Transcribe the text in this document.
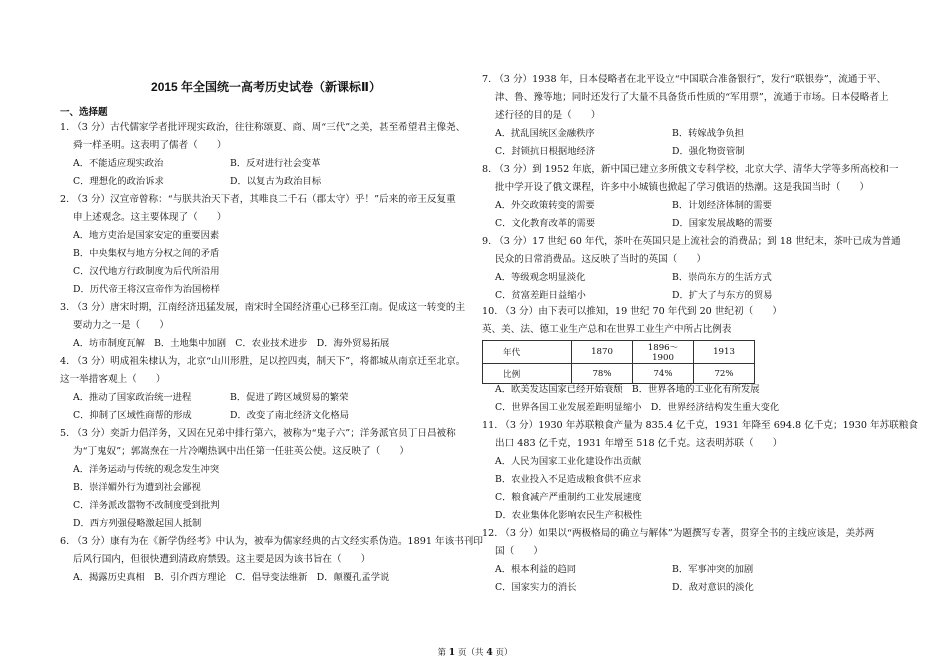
2015 年全国统一高考历史试卷（新课标Ⅱ）
一、选择题
1. （3 分）古代儒家学者批评现实政治，往往称颂夏、商、周“三代”之美，甚至希望君主像尧、
舜一样圣明。这表明了儒者（　　）
2. （3 分）汉宣帝曾称：“与朕共治天下者，其唯良二千石（郡太守）乎！”后来的帝王反复重
申上述观念。这主要体现了（　　）
3. （3 分）唐宋时期，江南经济迅猛发展，南宋时全国经济重心已移至江南。促成这一转变的主
要动力之一是（　　）
4. （3 分）明成祖朱棣认为，北京“山川形胜，足以控四夷，制天下”，将都城从南京迁至北京。
这一举措客观上（　　）
5. （3 分）奕訢力倡洋务，又因在兄弟中排行第六，被称为“鬼子六”；洋务派官员丁日昌被称
为“丁鬼奴”；郭嵩焘在一片冷嘲热讽中出任第一任驻英公使。这反映了（　　）
6. （3 分）康有为在《新学伪经考》中认为，被奉为儒家经典的古文经实系伪造。1891 年该书刊印
后风行国内，但很快遭到清政府禁毁。这主要是因为该书旨在（　　）
A．不能适应现实政治	B．反对进行社会变革
C．理想化的政治诉求	D．以复古为政治目标
A．地方吏治是国家安定的重要因素
B．中央集权与地方分权之间的矛盾
C．汉代地方行政制度为后代所沿用
D．历代帝王将汉宣帝作为治国榜样
A．坊市制度瓦解　B．土地集中加剧　C．农业技术进步　D．海外贸易拓展
A．推动了国家政治统一进程	B．促进了跨区域贸易的繁荣
C．抑制了区域性商帮的形成	D．改变了南北经济文化格局
A．洋务运动与传统的观念发生冲突
B．崇洋媚外行为遭到社会鄙视
C．洋务派改嚣物不改制度受到批判
D．西方列强侵略激起国人抵制
A．揭露历史真相　B．引介西方理论　C．倡导变法维新　D．颠覆孔孟学说
年代	1870	1896～1900	1913
比例	78%	74%	72%
7. （3 分）1938 年，日本侵略者在北平设立“中国联合准备银行”，发行“联银券”，流通于平、
津、鲁、豫等地；同时还发行了大量不具备货币性质的“军用票”，流通于市场。日本侵略者上
述行径的目的是（　　）
8. （3 分）到 1952 年底，新中国已建立多所俄文专科学校，北京大学、清华大学等多所高校和一
批中学开设了俄文课程，许多中小城镇也掀起了学习俄语的热潮。这是我国当时（　　）
9. （3 分）17 世纪 60 年代，茶叶在英国只是上流社会的消费品；到 18 世纪末，茶叶已成为普通
民众的日常消费品。这反映了当时的英国（　　）
10. （3 分）由下表可以推知，19 世纪 70 年代到 20 世纪初（　　）
英、美、法、德工业生产总和在世界工业生产中所占比例表
11. （3 分）1930 年苏联粮食产量为 835.4 亿千克，1931 年降至 694.8 亿千克；1930 年苏联粮食
出口 483 亿千克，1931 年增至 518 亿千克。这表明苏联（　　）
12. （3 分）如果以“两极格局的确立与解体”为题撰写专著，贯穿全书的主线应该是，美苏两
国（　　）
A．扰乱国统区金融秩序	B．转嫁战争负担
C．封锁抗日根据地经济	D．强化物资管制
A．外交政策转变的需要	B．计划经济体制的需要
C．文化教育改革的需要	D．国家发展战略的需要
A．等级观念明显淡化	B．崇尚东方的生活方式
C．贫富差距日益缩小	D．扩大了与东方的贸易
A．欧美发达国家已经开始衰颓　B．世界各地的工业化有所发展
C．世界各国工业发展差距明显缩小　D．世界经济结构发生重大变化
A．人民为国家工业化建设作出贡献
B．农业投入不足造成粮食供不应求
C．粮食减产严重制约工业发展速度
D．农业集体化影响农民生产积极性
A．根本利益的趋同	B．军事冲突的加剧
C．国家实力的消长	D．敌对意识的淡化
第 1 页（共 4 页）
